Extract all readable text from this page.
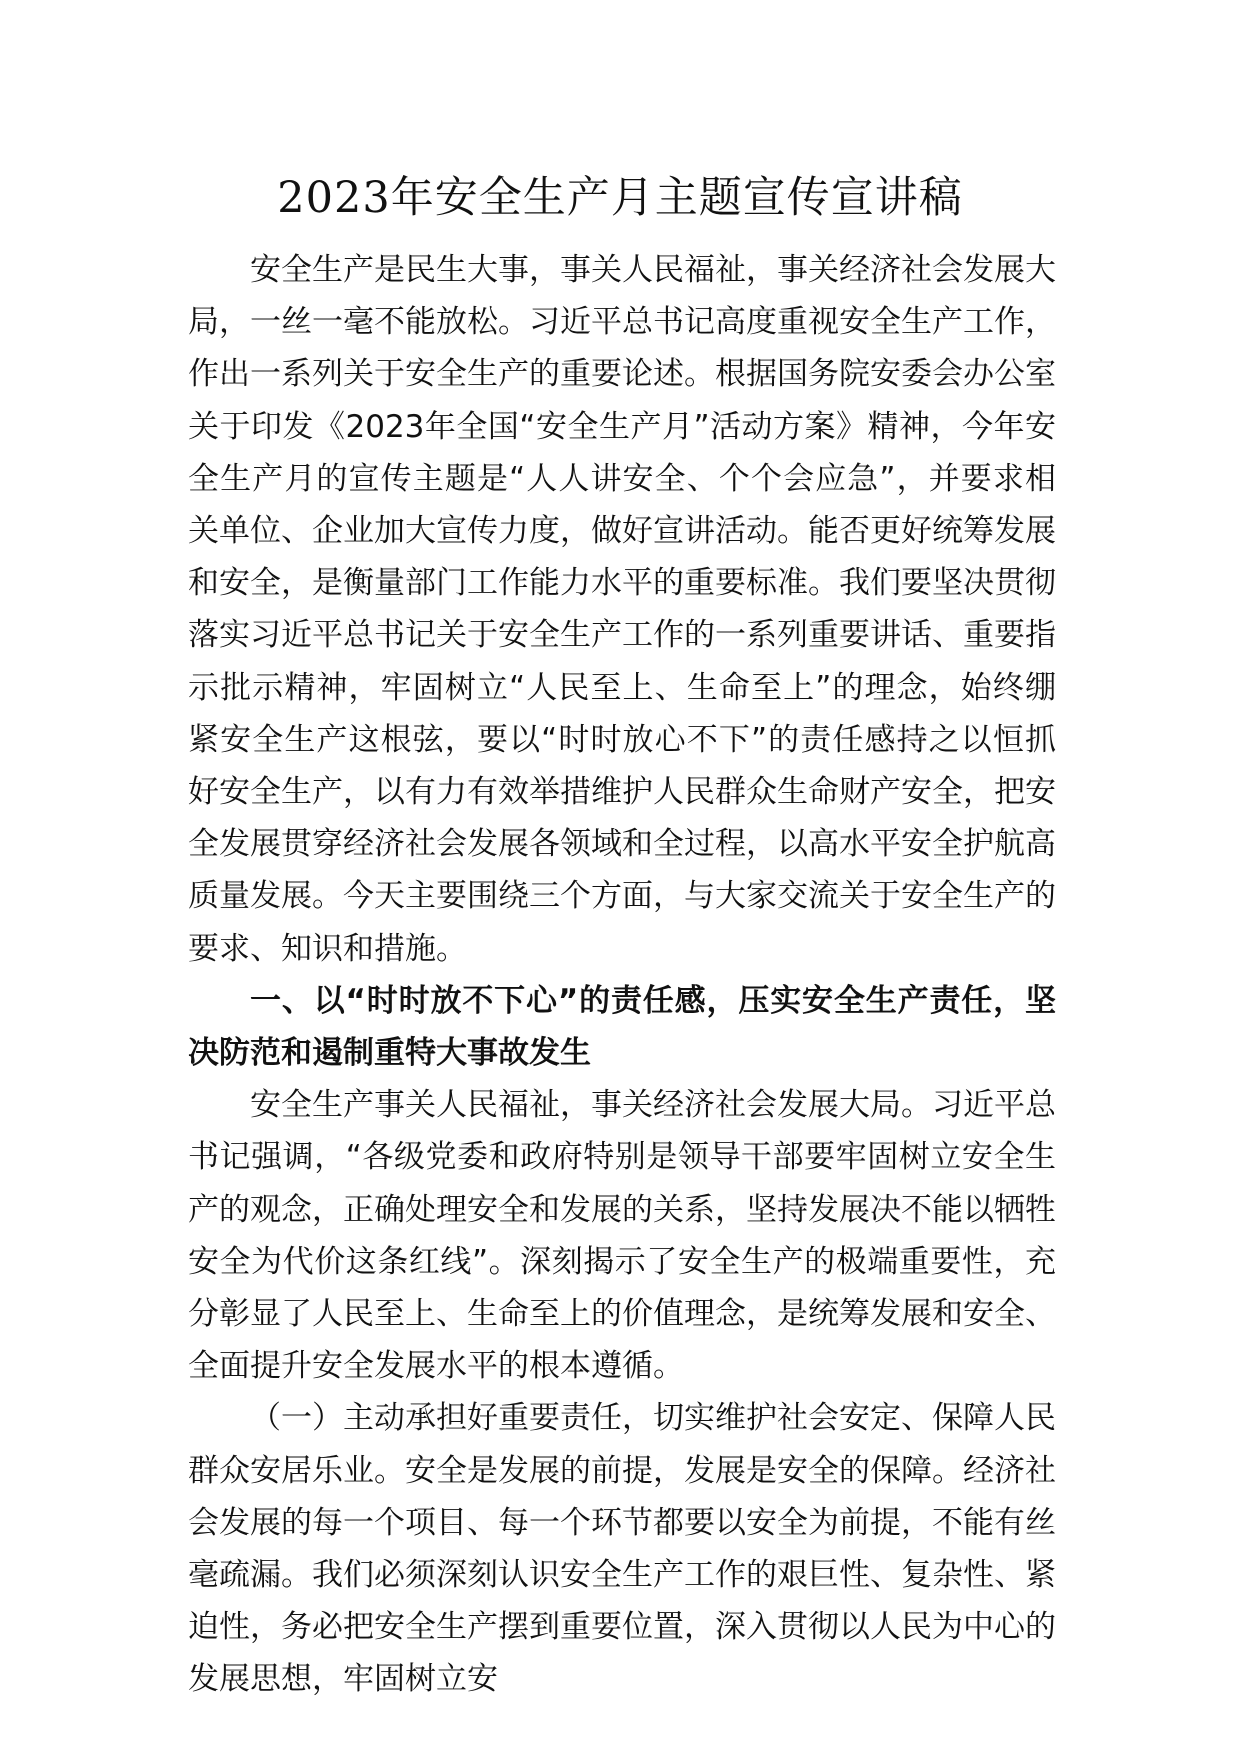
2023年安全生产月主题宣传宣讲稿

安全生产是民生大事，事关人民福祉，事关经济社会发展大局，一丝一毫不能放松。习近平总书记高度重视安全生产工作，作出一系列关于安全生产的重要论述。根据国务院安委会办公室关于印发《2023年全国“安全生产月”活动方案》精神，今年安全生产月的宣传主题是“人人讲安全、个个会应急”，并要求相关单位、企业加大宣传力度，做好宣讲活动。能否更好统筹发展和安全，是衡量部门工作能力水平的重要标准。我们要坚决贯彻落实习近平总书记关于安全生产工作的一系列重要讲话、重要指示批示精神，牢固树立“人民至上、生命至上”的理念，始终绷紧安全生产这根弦，要以“时时放心不下”的责任感持之以恒抓好安全生产，以有力有效举措维护人民群众生命财产安全，把安全发展贯穿经济社会发展各领域和全过程，以高水平安全护航高质量发展。今天主要围绕三个方面，与大家交流关于安全生产的要求、知识和措施。

一、以“时时放不下心”的责任感，压实安全生产责任，坚决防范和遏制重特大事故发生

安全生产事关人民福祉，事关经济社会发展大局。习近平总书记强调，“各级党委和政府特别是领导干部要牢固树立安全生产的观念，正确处理安全和发展的关系，坚持发展决不能以牺牲安全为代价这条红线”。深刻揭示了安全生产的极端重要性，充分彰显了人民至上、生命至上的价值理念，是统筹发展和安全、全面提升安全发展水平的根本遵循。

（一）主动承担好重要责任，切实维护社会安定、保障人民群众安居乐业。安全是发展的前提，发展是安全的保障。经济社会发展的每一个项目、每一个环节都要以安全为前提，不能有丝毫疏漏。我们必须深刻认识安全生产工作的艰巨性、复杂性、紧迫性，务必把安全生产摆到重要位置，深入贯彻以人民为中心的发展思想，牢固树立安
